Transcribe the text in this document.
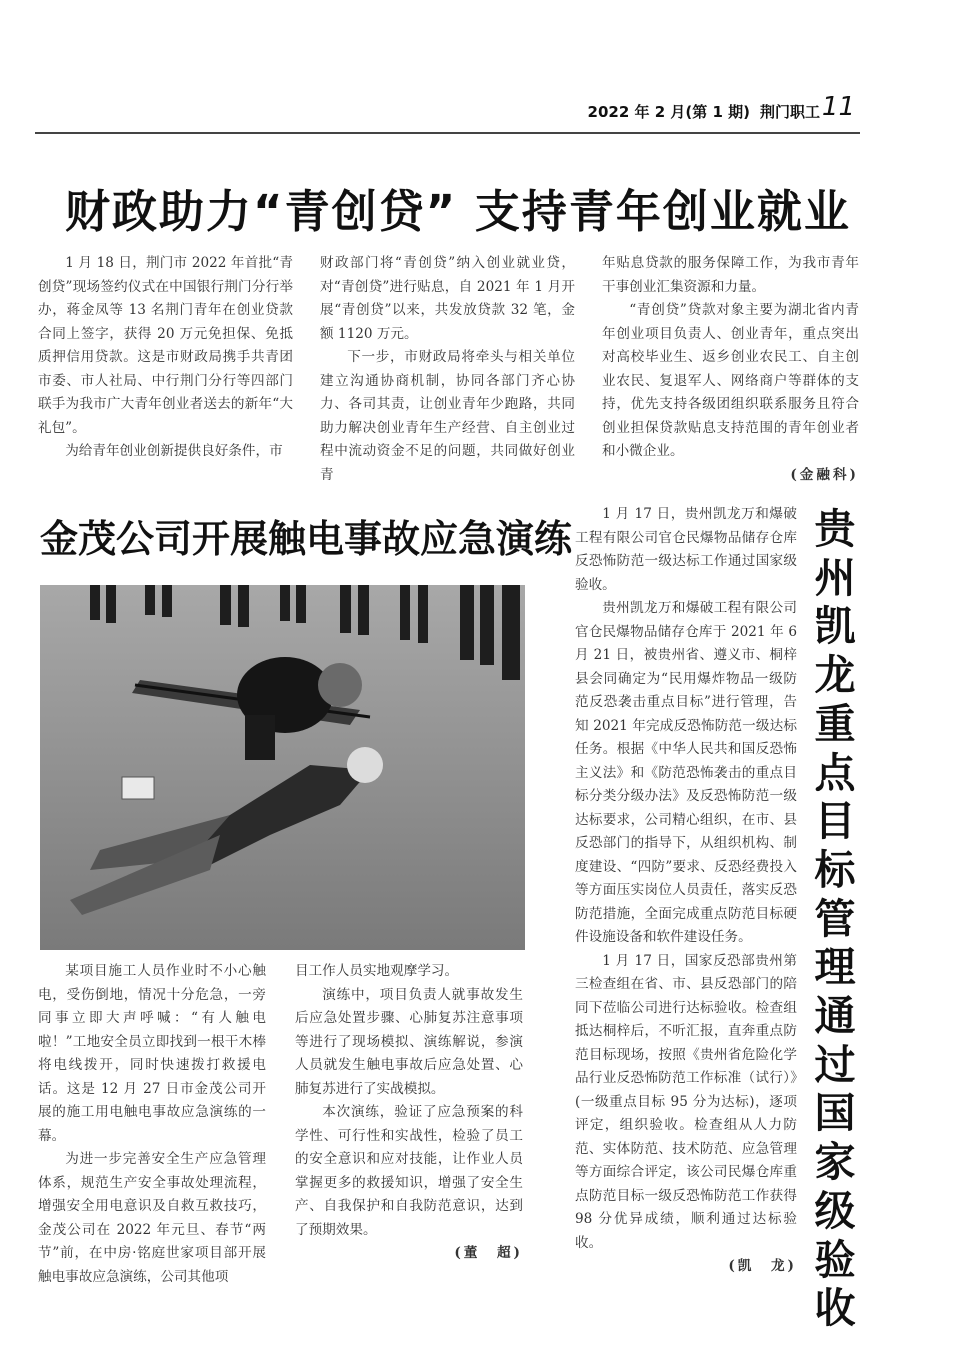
2022 年 2 月(第 1 期) 荆门职工 11
财政助力“青创贷” 支持青年创业就业

1 月 18 日，荆门市 2022 年首批“青创贷”现场签约仪式在中国银行荆门分行举办，蒋金凤等 13 名荆门青年在创业贷款合同上签字，获得 20 万元免担保、免抵质押信用贷款。这是市财政局携手共青团市委、市人社局、中行荆门分行等四部门联手为我市广大青年创业者送去的新年“大礼包”。

为给青年创业创新提供良好条件，市

财政部门将“青创贷”纳入创业就业贷，对“青创贷”进行贴息，自 2021 年 1 月开展“青创贷”以来，共发放贷款 32 笔，金额 1120 万元。

下一步，市财政局将牵头与相关单位建立沟通协商机制，协同各部门齐心协力、各司其责，让创业青年少跑路，共同助力解决创业青年生产经营、自主创业过程中流动资金不足的问题，共同做好创业青

年贴息贷款的服务保障工作，为我市青年干事创业汇集资源和力量。

“青创贷”贷款对象主要为湖北省内青年创业项目负责人、创业青年，重点突出对高校毕业生、返乡创业农民工、自主创业农民、复退军人、网络商户等群体的支持，优先支持各级团组织联系服务且符合创业担保贷款贴息支持范围的青年创业者和小微企业。

(金融科)
金茂公司开展触电事故应急演练

某项目施工人员作业时不小心触电，受伤倒地，情况十分危急，一旁同事立即大声呼喊：“有人触电啦！”工地安全员立即找到一根干木棒将电线拨开，同时快速拨打救援电话。这是 12 月 27 日市金茂公司开展的施工用电触电事故应急演练的一幕。

为进一步完善安全生产应急管理体系，规范生产安全事故处理流程，增强安全用电意识及自救互救技巧，金茂公司在 2022 年元旦、春节“两节”前，在中房·铭庭世家项目部开展触电事故应急演练，公司其他项

目工作人员实地观摩学习。

演练中，项目负责人就事故发生后应急处置步骤、心肺复苏注意事项等进行了现场模拟、演练解说，参演人员就发生触电事故后应急处置、心肺复苏进行了实战模拟。

本次演练，验证了应急预案的科学性、可行性和实战性，检验了员工的安全意识和应对技能，让作业人员掌握更多的救援知识，增强了安全生产、自我保护和自我防范意识，达到了预期效果。

(董　超)

1 月 17 日，贵州凯龙万和爆破工程有限公司官仓民爆物品储存仓库反恐怖防范一级达标工作通过国家级验收。

贵州凯龙万和爆破工程有限公司官仓民爆物品储存仓库于 2021 年 6 月 21 日，被贵州省、遵义市、桐梓县会同确定为“民用爆炸物品一级防范反恐袭击重点目标”进行管理，告知 2021 年完成反恐怖防范一级达标任务。根据《中华人民共和国反恐怖主义法》和《防范恐怖袭击的重点目标分类分级办法》及反恐怖防范一级达标要求，公司精心组织，在市、县反恐部门的指导下，从组织机构、制度建设、“四防”要求、反恐经费投入等方面压实岗位人员责任，落实反恐防范措施，全面完成重点防范目标硬件设施设备和软件建设任务。

1 月 17 日，国家反恐部贵州第三检查组在省、市、县反恐部门的陪同下莅临公司进行达标验收。检查组抵达桐梓后，不听汇报，直奔重点防范目标现场，按照《贵州省危险化学品行业反恐怖防范工作标准（试行）》(一级重点目标 95 分为达标)，逐项评定，组织验收。检查组从人力防范、实体防范、技术防范、应急管理等方面综合评定，该公司民爆仓库重点防范目标一级反恐怖防范工作获得 98 分优异成绩，顺利通过达标验收。

(凯　龙)
贵州凯龙重点目标管理通过国家级验收
